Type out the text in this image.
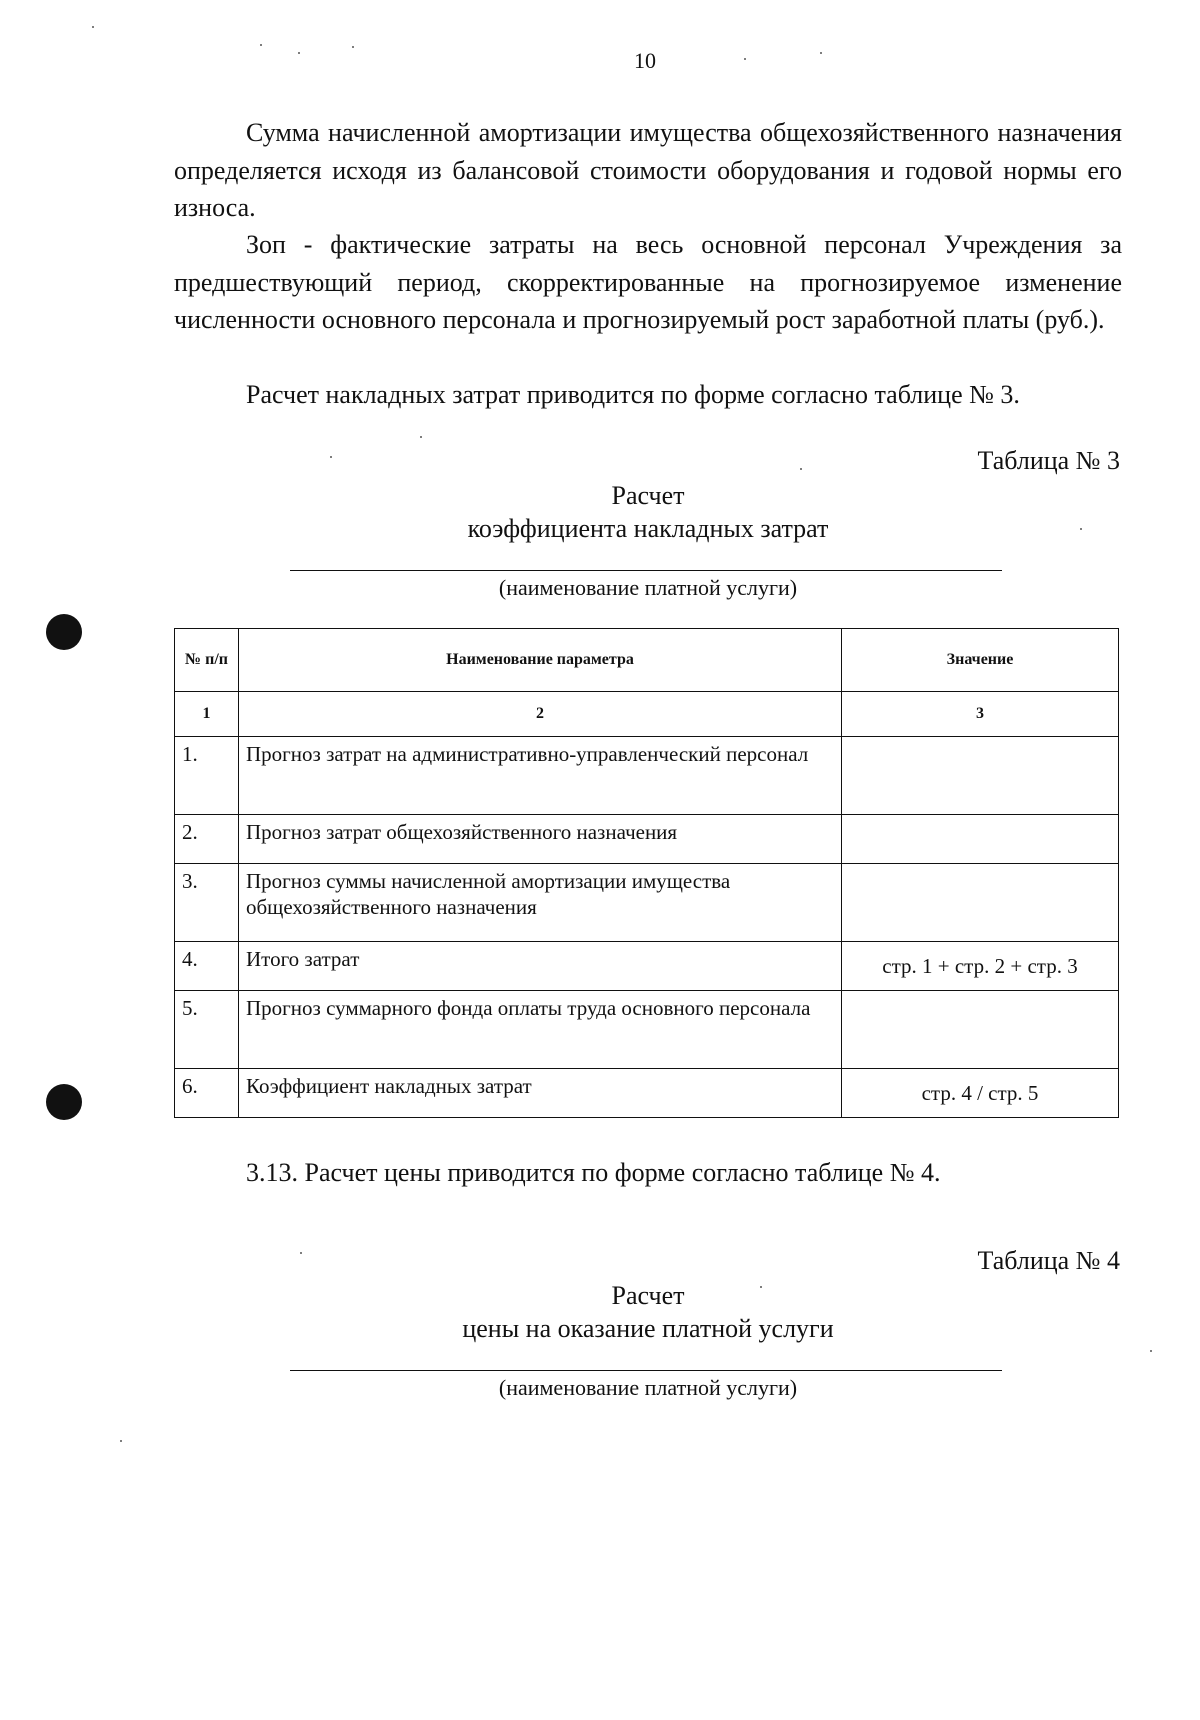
10

Сумма начисленной амортизации имущества общехозяйственного назначения определяется исходя из балансовой стоимости оборудования и годовой нормы его износа.

Зоп - фактические затраты на весь основной персонал Учреждения за предшествующий период, скорректированные на прогнозируемое изменение численности основного персонала и прогнозируемый рост заработной платы (руб.).

Расчет накладных затрат приводится по форме согласно таблице № 3.

Таблица № 3
Расчет
коэффициента накладных затрат
(наименование платной услуги)
№ п/п	Наименование параметра	Значение
1	2	3
1.	Прогноз затрат на административно-управленческий персонал	
2.	Прогноз затрат общехозяйственного назначения	
3.	Прогноз суммы начисленной амортизации имущества общехозяйственного назначения	
4.	Итого затрат	стр. 1 + стр. 2 + стр. 3
5.	Прогноз суммарного фонда оплаты труда основного персонала	
6.	Коэффициент накладных затрат	стр. 4 / стр. 5

3.13. Расчет цены приводится по форме согласно таблице № 4.

Таблица № 4
Расчет
цены на оказание платной услуги
(наименование платной услуги)
